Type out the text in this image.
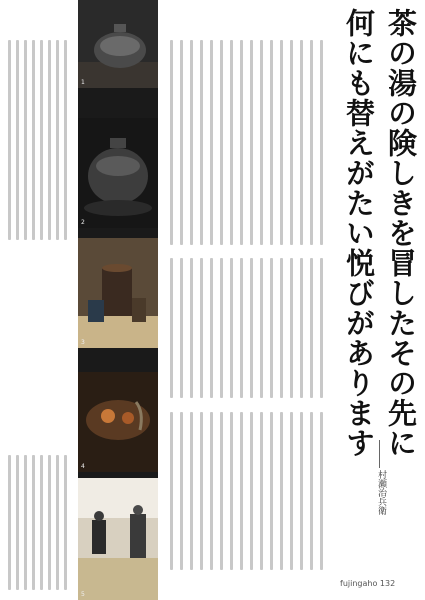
1
2
3
4
5
茶の湯の険しきを冒したその先に
何にも替えがたい悦びがあります
村瀬治兵衛
fujingaho 132
